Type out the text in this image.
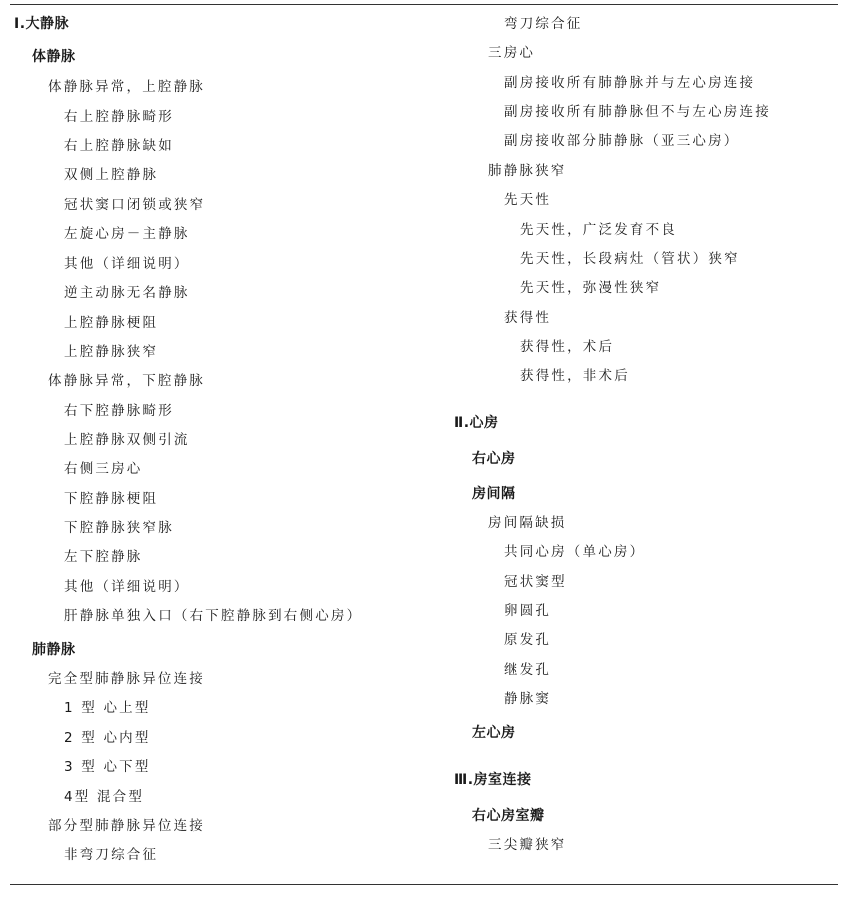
Ⅰ.大静脉
体静脉
体静脉异常，上腔静脉
右上腔静脉畸形
右上腔静脉缺如
双侧上腔静脉
冠状窦口闭锁或狭窄
左旋心房－主静脉
其他（详细说明）
逆主动脉无名静脉
上腔静脉梗阻
上腔静脉狭窄
体静脉异常，下腔静脉
右下腔静脉畸形
上腔静脉双侧引流
右侧三房心
下腔静脉梗阻
下腔静脉狭窄脉
左下腔静脉
其他（详细说明）
肝静脉单独入口（右下腔静脉到右侧心房）
肺静脉
完全型肺静脉异位连接
1 型 心上型
2 型 心内型
3 型 心下型
4型 混合型
部分型肺静脉异位连接
非弯刀综合征
弯刀综合征
三房心
副房接收所有肺静脉并与左心房连接
副房接收所有肺静脉但不与左心房连接
副房接收部分肺静脉（亚三心房）
肺静脉狭窄
先天性
先天性，广泛发育不良
先天性，长段病灶（管状）狭窄
先天性，弥漫性狭窄
获得性
获得性，术后
获得性，非术后
Ⅱ.心房
右心房
房间隔
房间隔缺损
共同心房（单心房）
冠状窦型
卵圆孔
原发孔
继发孔
静脉窦
左心房
Ⅲ.房室连接
右心房室瓣
三尖瓣狭窄
